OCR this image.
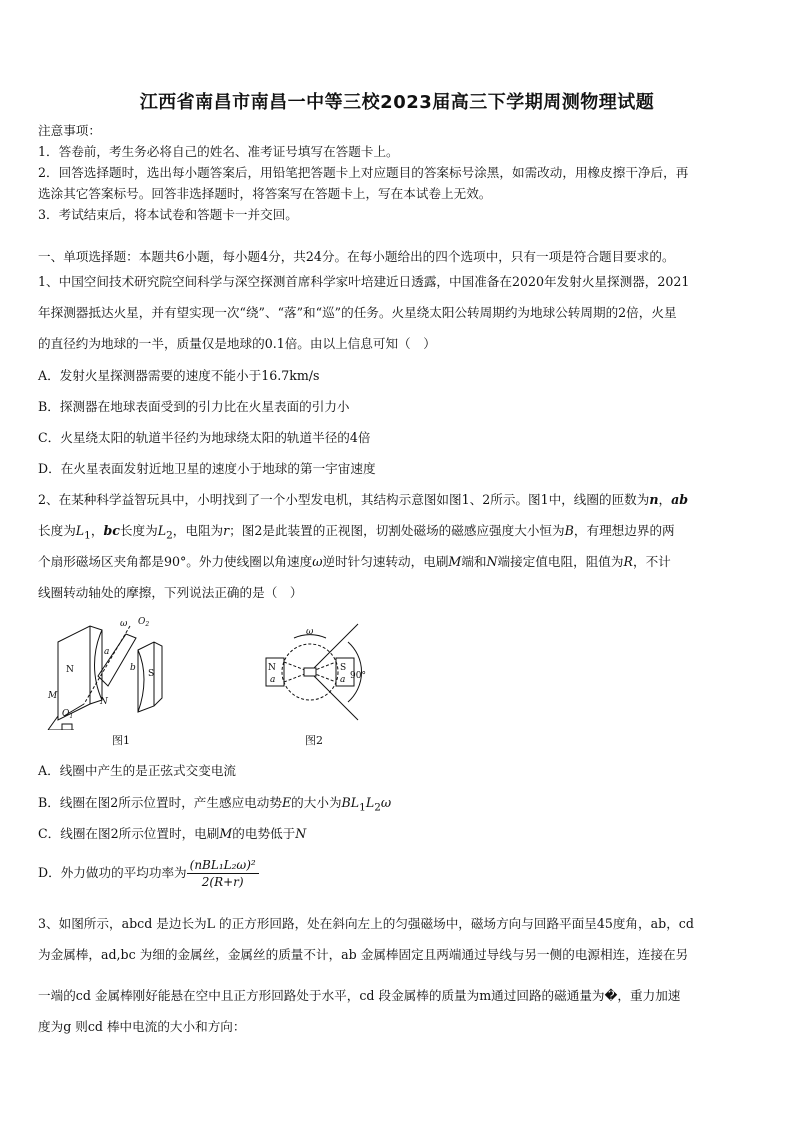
江西省南昌市南昌一中等三校2023届高三下学期周测物理试题
注意事项：
1．答卷前，考生务必将自己的姓名、准考证号填写在答题卡上。
2．回答选择题时，选出每小题答案后，用铅笔把答题卡上对应题目的答案标号涂黑，如需改动，用橡皮擦干净后，再
选涂其它答案标号。回答非选择题时，将答案写在答题卡上，写在本试卷上无效。
3．考试结束后，将本试卷和答题卡一并交回。
一、单项选择题：本题共6小题，每小题4分，共24分。在每小题给出的四个选项中，只有一项是符合题目要求的。
1、中国空间技术研究院空间科学与深空探测首席科学家叶培建近日透露，中国准备在2020年发射火星探测器，2021
年探测器抵达火星，并有望实现一次“绕”、“落”和“巡”的任务。火星绕太阳公转周期约为地球公转周期的2倍，火星
的直径约为地球的一半，质量仅是地球的0.1倍。由以上信息可知（　）
A．发射火星探测器需要的速度不能小于16.7km/s
B．探测器在地球表面受到的引力比在火星表面的引力小
C．火星绕太阳的轨道半径约为地球绕太阳的轨道半径的4倍
D．在火星表面发射近地卫星的速度小于地球的第一宇宙速度
2、在某种科学益智玩具中，小明找到了一个小型发电机，其结构示意图如图1、2所示。图1中，线圈的匝数为n，ab
长度为$L_1$，bc长度为$L_2$，电阻为r；图2是此装置的正视图，切割处磁场的磁感应强度大小恒为B，有理想边界的两
个扇形磁场区夹角都是90°。外力使线圈以角速度ω逆时针匀速转动，电刷M端和N端接定值电阻，阻值为R，不计
线圈转动轴处的摩擦，下列说法正确的是（　）
N	S
M
N
a
b
ω $O_2$
$O_1$
图1
N	S
a	a
ω
90°
图2
A．线圈中产生的是正弦式交变电流
B．线圈在图2所示位置时，产生感应电动势E的大小为$BL_1L_2\omega$
C．线圈在图2所示位置时，电刷M的电势低于N
D．外力做功的平均功率为 $\frac{\text{(nBL₁L₂ω)²}}{2(R+r)}$
3、如图所示，abcd 是边长为L 的正方形回路，处在斜向左上的匀强磁场中，磁场方向与回路平面呈45度角，ab，cd
为金属棒，ad,bc 为细的金属丝，金属丝的质量不计，ab 金属棒固定且两端通过导线与另一侧的电源相连，连接在另
一端的cd 金属棒刚好能悬在空中且正方形回路处于水平，cd 段金属棒的质量为m通过回路的磁通量为�，重力加速
度为g 则cd 棒中电流的大小和方向：
